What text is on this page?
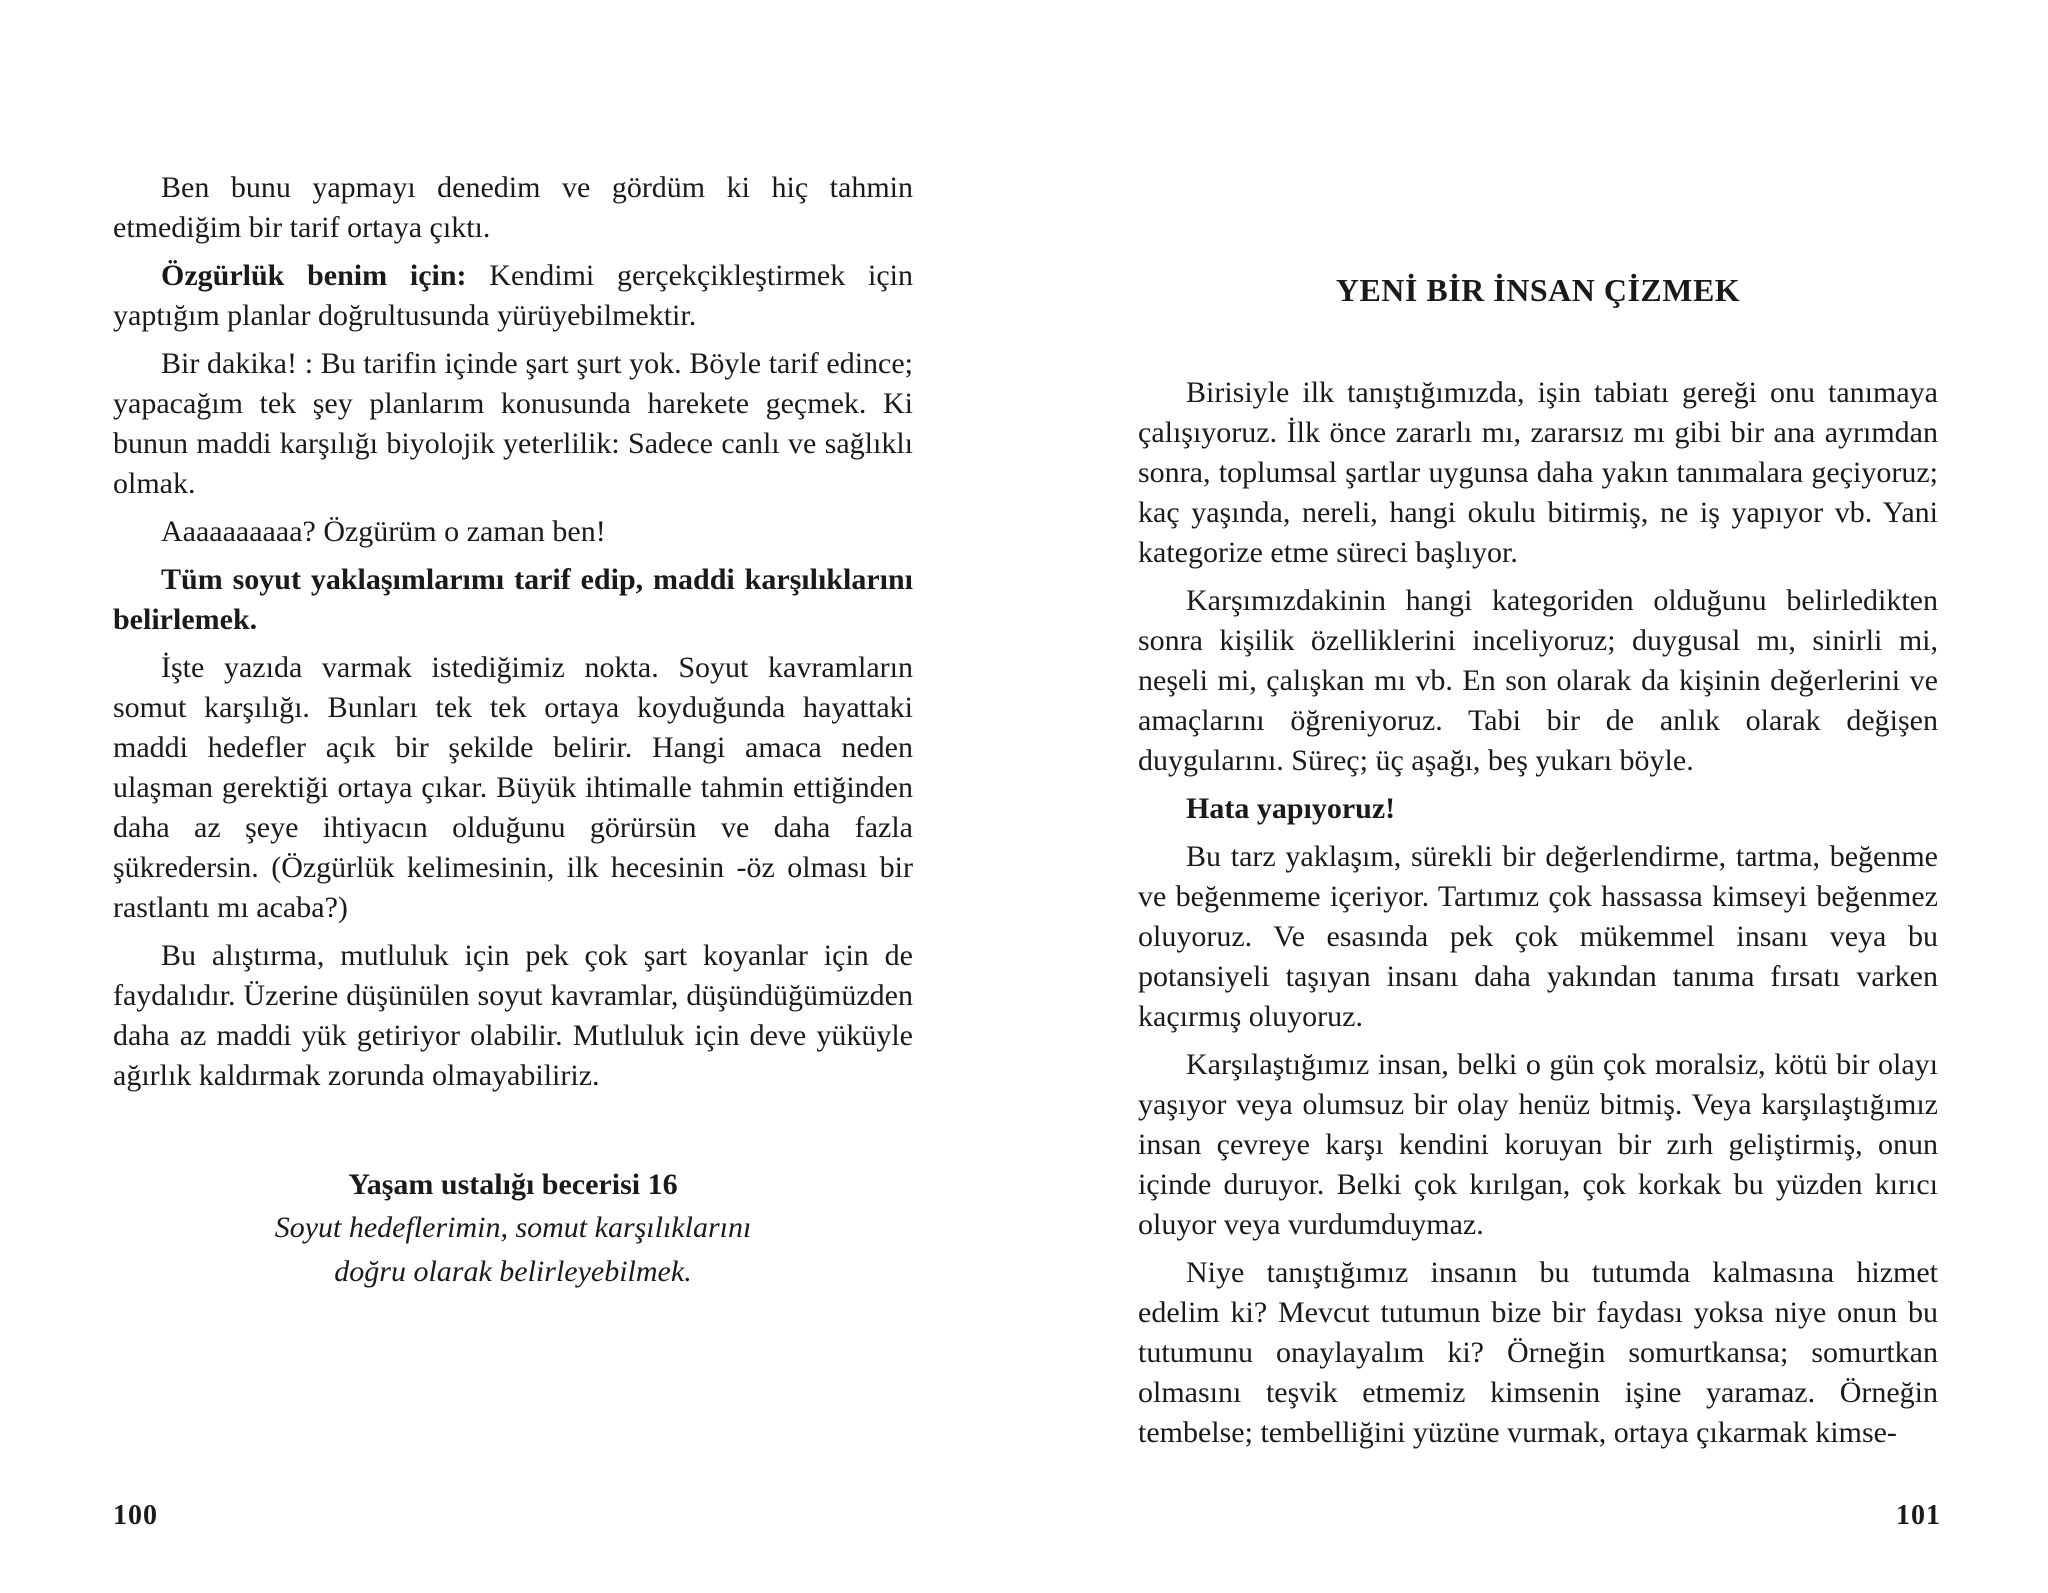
Ben bunu yapmayı denedim ve gördüm ki hiç tahmin etmediğim bir tarif ortaya çıktı.

Özgürlük benim için: Kendimi gerçekçikleştirmek için yaptığım planlar doğrultusunda yürüyebilmektir.

Bir dakika! : Bu tarifin içinde şart şurt yok. Böyle tarif edince; yapacağım tek şey planlarım konusunda harekete geçmek. Ki bunun maddi karşılığı biyolojik yeterlilik: Sadece canlı ve sağlıklı olmak.

Aaaaaaaaaa? Özgürüm o zaman ben!

Tüm soyut yaklaşımlarımı tarif edip, maddi karşılıklarını belirlemek.

İşte yazıda varmak istediğimiz nokta. Soyut kavramların somut karşılığı. Bunları tek tek ortaya koyduğunda hayattaki maddi hedefler açık bir şekilde belirir. Hangi amaca neden ulaşman gerektiği ortaya çıkar. Büyük ihtimalle tahmin ettiğinden daha az şeye ihtiyacın olduğunu görürsün ve daha fazla şükredersin. (Özgürlük kelimesinin, ilk hecesinin -öz olması bir rastlantı mı acaba?)

Bu alıştırma, mutluluk için pek çok şart koyanlar için de faydalıdır. Üzerine düşünülen soyut kavramlar, düşündüğümüzden daha az maddi yük getiriyor olabilir. Mutluluk için deve yüküyle ağırlık kaldırmak zorunda olmayabiliriz.

Yaşam ustalığı becerisi 16
Soyut hedeflerimin, somut karşılıklarını
doğru olarak belirleyebilmek.
YENİ BİR İNSAN ÇİZMEK

Birisiyle ilk tanıştığımızda, işin tabiatı gereği onu tanımaya çalışıyoruz. İlk önce zararlı mı, zararsız mı gibi bir ana ayrımdan sonra, toplumsal şartlar uygunsa daha yakın tanımalara geçiyoruz; kaç yaşında, nereli, hangi okulu bitirmiş, ne iş yapıyor vb. Yani kategorize etme süreci başlıyor.

Karşımızdakinin hangi kategoriden olduğunu belirledikten sonra kişilik özelliklerini inceliyoruz; duygusal mı, sinirli mi, neşeli mi, çalışkan mı vb. En son olarak da kişinin değerlerini ve amaçlarını öğreniyoruz. Tabi bir de anlık olarak değişen duygularını. Süreç; üç aşağı, beş yukarı böyle.

Hata yapıyoruz!

Bu tarz yaklaşım, sürekli bir değerlendirme, tartma, beğenme ve beğenmeme içeriyor. Tartımız çok hassassa kimseyi beğenmez oluyoruz. Ve esasında pek çok mükemmel insanı veya bu potansiyeli taşıyan insanı daha yakından tanıma fırsatı varken kaçırmış oluyoruz.

Karşılaştığımız insan, belki o gün çok moralsiz, kötü bir olayı yaşıyor veya olumsuz bir olay henüz bitmiş. Veya karşılaştığımız insan çevreye karşı kendini koruyan bir zırh geliştirmiş, onun içinde duruyor. Belki çok kırılgan, çok korkak bu yüzden kırıcı oluyor veya vurdumduymaz.

Niye tanıştığımız insanın bu tutumda kalmasına hizmet edelim ki? Mevcut tutumun bize bir faydası yoksa niye onun bu tutumunu onaylayalım ki? Örneğin somurtkansa; somurtkan olmasını teşvik etmemiz kimsenin işine yaramaz. Örneğin tembelse; tembelliğini yüzüne vurmak, ortaya çıkarmak kimse-

100	101
